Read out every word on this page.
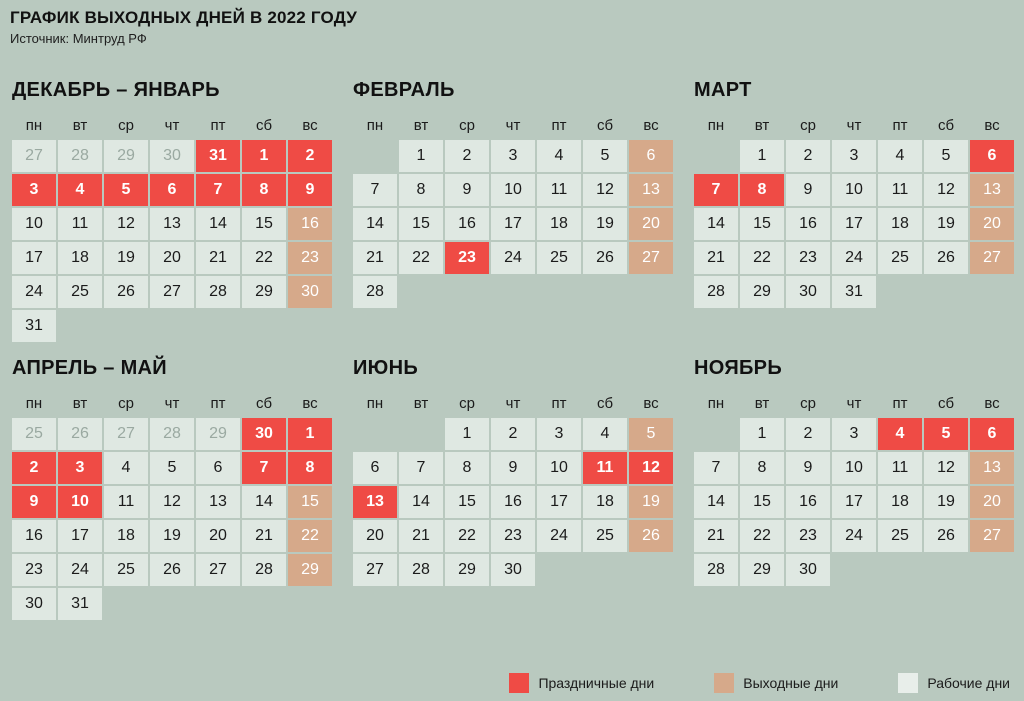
ГРАФИК ВЫХОДНЫХ ДНЕЙ В 2022 ГОДУ
Источник: Минтруд РФ
ДЕКАБРЬ – ЯНВАРЬ
пн	вт	ср	чт	пт	сб	вс
27	28	29	30	31	1	2
3	4	5	6	7	8	9
10	11	12	13	14	15	16
17	18	19	20	21	22	23
24	25	26	27	28	29	30
31						
ФЕВРАЛЬ
пн	вт	ср	чт	пт	сб	вс
	1	2	3	4	5	6
7	8	9	10	11	12	13
14	15	16	17	18	19	20
21	22	23	24	25	26	27
28						
МАРТ
пн	вт	ср	чт	пт	сб	вс
	1	2	3	4	5	6
7	8	9	10	11	12	13
14	15	16	17	18	19	20
21	22	23	24	25	26	27
28	29	30	31			
АПРЕЛЬ – МАЙ
пн	вт	ср	чт	пт	сб	вс
25	26	27	28	29	30	1
2	3	4	5	6	7	8
9	10	11	12	13	14	15
16	17	18	19	20	21	22
23	24	25	26	27	28	29
30	31					
ИЮНЬ
пн	вт	ср	чт	пт	сб	вс
		1	2	3	4	5
6	7	8	9	10	11	12
13	14	15	16	17	18	19
20	21	22	23	24	25	26
27	28	29	30			
НОЯБРЬ
пн	вт	ср	чт	пт	сб	вс
	1	2	3	4	5	6
7	8	9	10	11	12	13
14	15	16	17	18	19	20
21	22	23	24	25	26	27
28	29	30				
Праздничные дни	Выходные дни	Рабочие дни
